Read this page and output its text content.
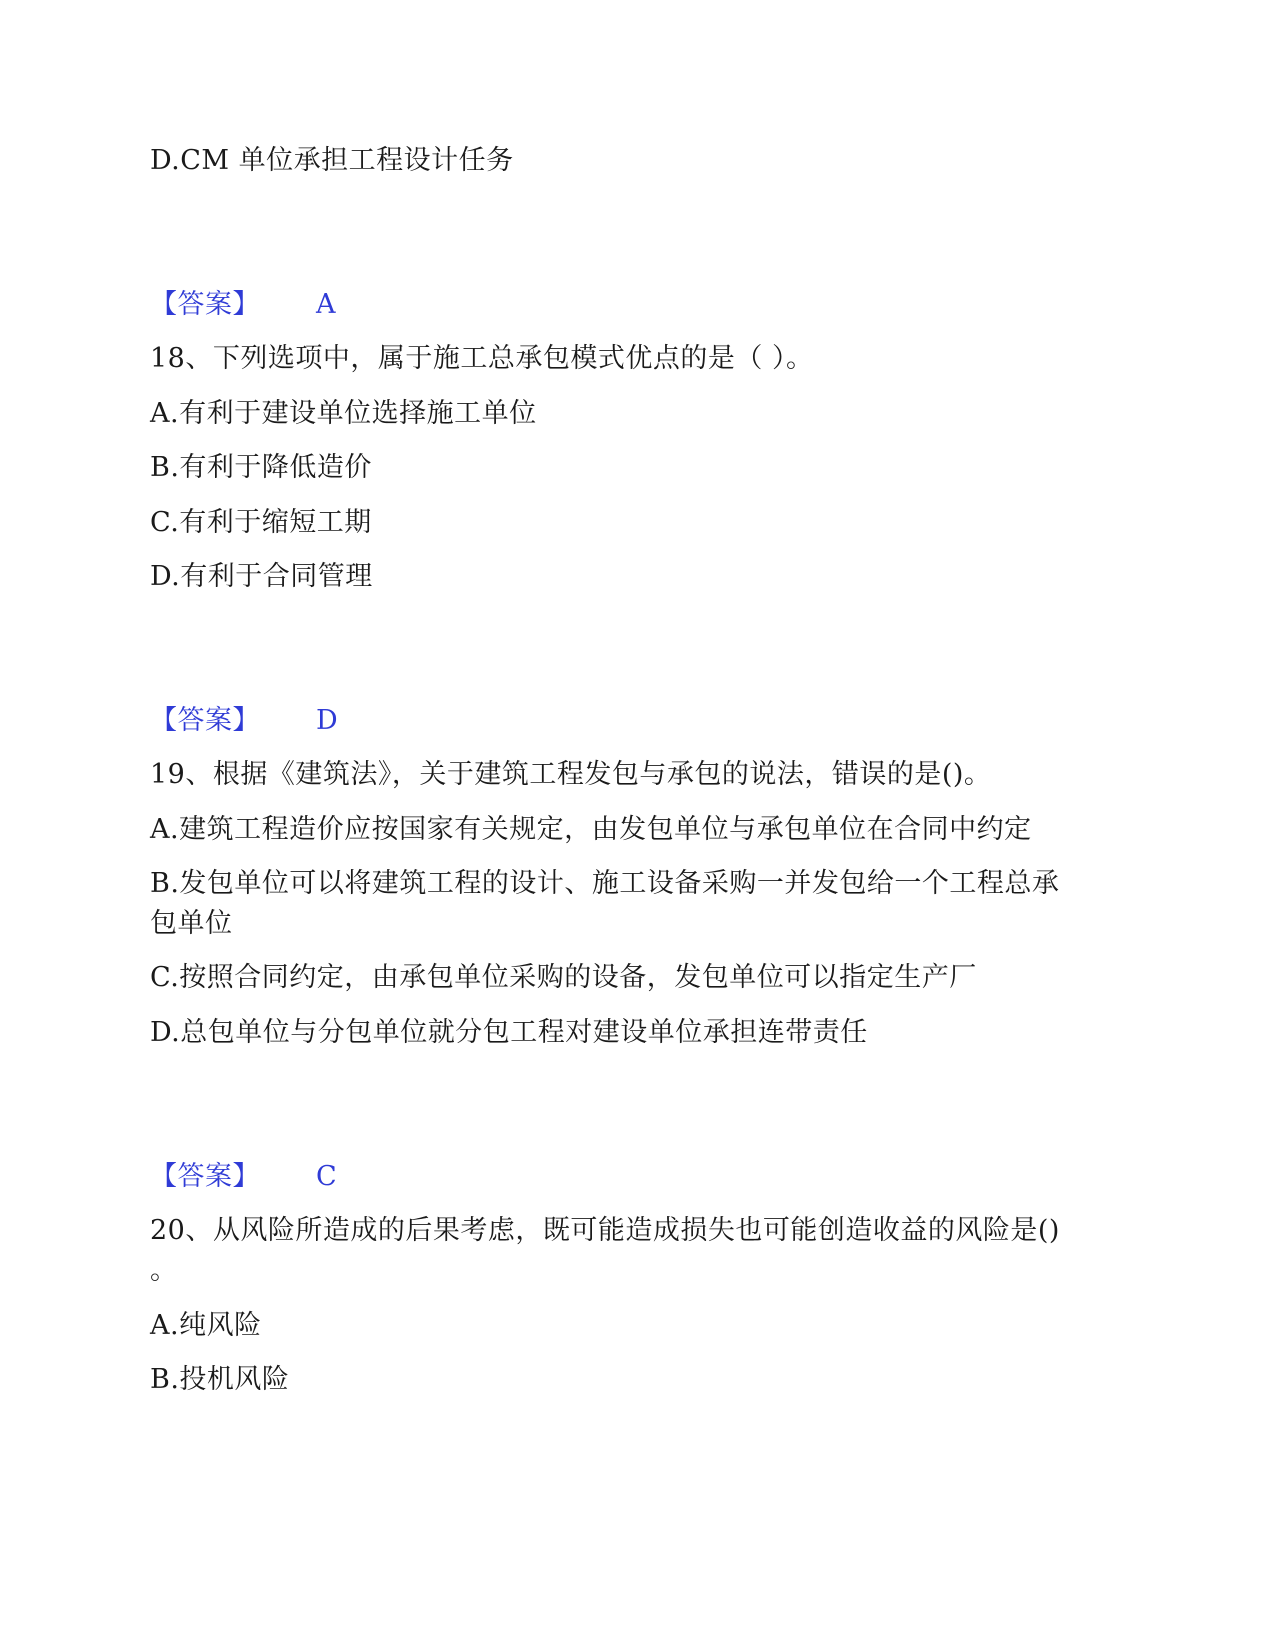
D.CM 单位承担工程设计任务
【答案】 A
18、下列选项中，属于施工总承包模式优点的是（ ）。
A.有利于建设单位选择施工单位
B.有利于降低造价
C.有利于缩短工期
D.有利于合同管理
【答案】 D
19、根据《建筑法》，关于建筑工程发包与承包的说法，错误的是()。
A.建筑工程造价应按国家有关规定，由发包单位与承包单位在合同中约定
B.发包单位可以将建筑工程的设计、施工设备采购一并发包给一个工程总承
包单位
C.按照合同约定，由承包单位采购的设备，发包单位可以指定生产厂
D.总包单位与分包单位就分包工程对建设单位承担连带责任
【答案】 C
20、从风险所造成的后果考虑，既可能造成损失也可能创造收益的风险是()
。
A.纯风险
B.投机风险
